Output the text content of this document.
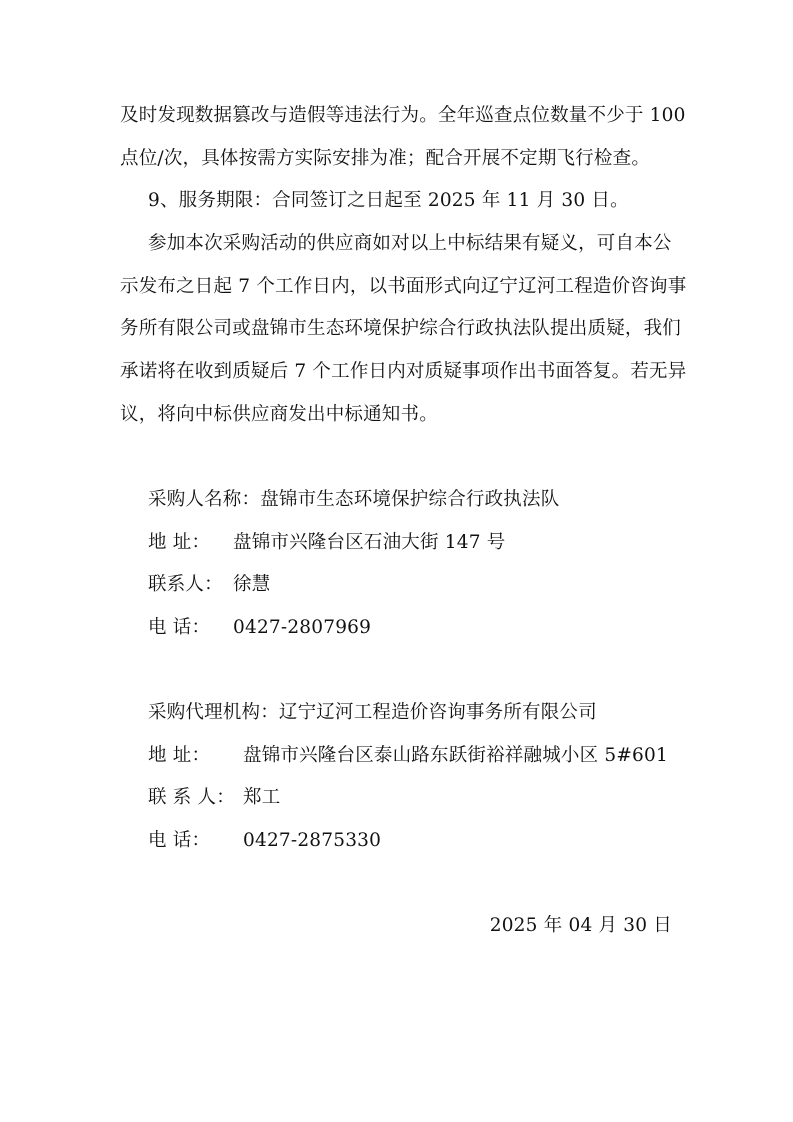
及时发现数据篡改与造假等违法行为。全年巡查点位数量不少于 100
点位/次，具体按需方实际安排为准；配合开展不定期飞行检查。
9、服务期限：合同签订之日起至 2025 年 11 月 30 日。
参加本次采购活动的供应商如对以上中标结果有疑义，可自本公
示发布之日起 7 个工作日内，以书面形式向辽宁辽河工程造价咨询事
务所有限公司或盘锦市生态环境保护综合行政执法队提出质疑，我们
承诺将在收到质疑后 7 个工作日内对质疑事项作出书面答复。若无异
议，将向中标供应商发出中标通知书。
采购人名称：盘锦市生态环境保护综合行政执法队
地 址： 盘锦市兴隆台区石油大街 147 号
联系人： 徐慧
电 话： 0427-2807969
采购代理机构：辽宁辽河工程造价咨询事务所有限公司
地 址： 盘锦市兴隆台区泰山路东跃街裕祥融城小区 5#601
联 系 人： 郑工
电 话： 0427-2875330
2025 年 04 月 30 日
